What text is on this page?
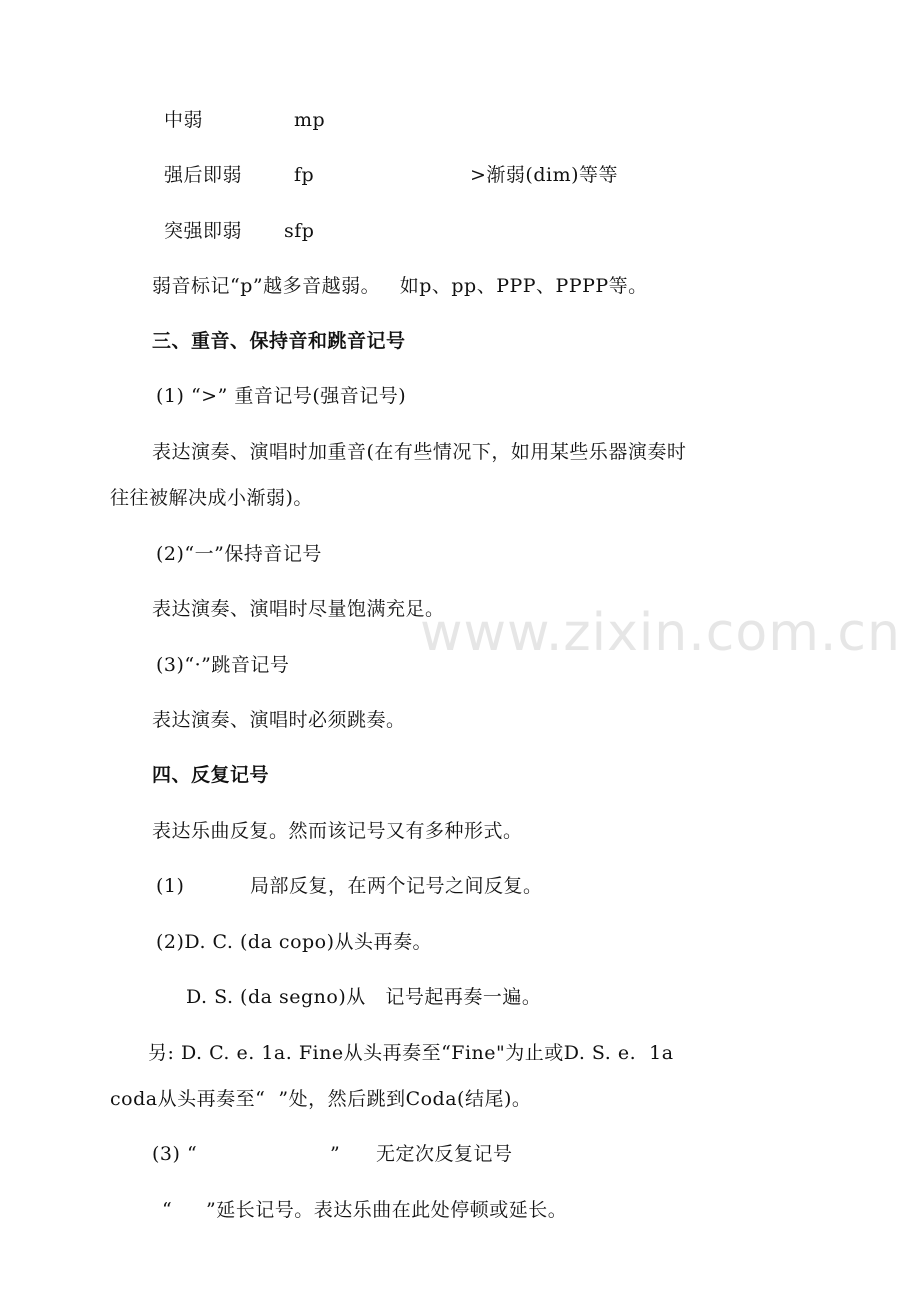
www.zixin.com.cn
中弱	mp
强后即弱	fp	>渐弱(dim)等等
突强即弱 sfp
弱音标记“p”越多音越弱。   如p、pp、PPP、PPPP等。
三、重音、保持音和跳音记号
(1) “>” 重音记号(强音记号)
表达演奏、演唱时加重音(在有些情况下，如用某些乐器演奏时
往往被解决成小渐弱)。
(2)“一”保持音记号
表达演奏、演唱时尽量饱满充足。
(3)“·”跳音记号
表达演奏、演唱时必须跳奏。
四、反复记号
表达乐曲反复。然而该记号又有多种形式。
(1)	局部反复，在两个记号之间反复。
(2)D. C. (da copo)从头再奏。
D. S. (da segno)从   记号起再奏一遍。
另: D. C. e. 1a. Fine从头再奏至“Fine"为止或D. S. e.  1a
coda从头再奏至“  ”处，然后跳到Coda(结尾)。
(3) “	” 无定次反复记号
“ ”延长记号。表达乐曲在此处停顿或延长。
